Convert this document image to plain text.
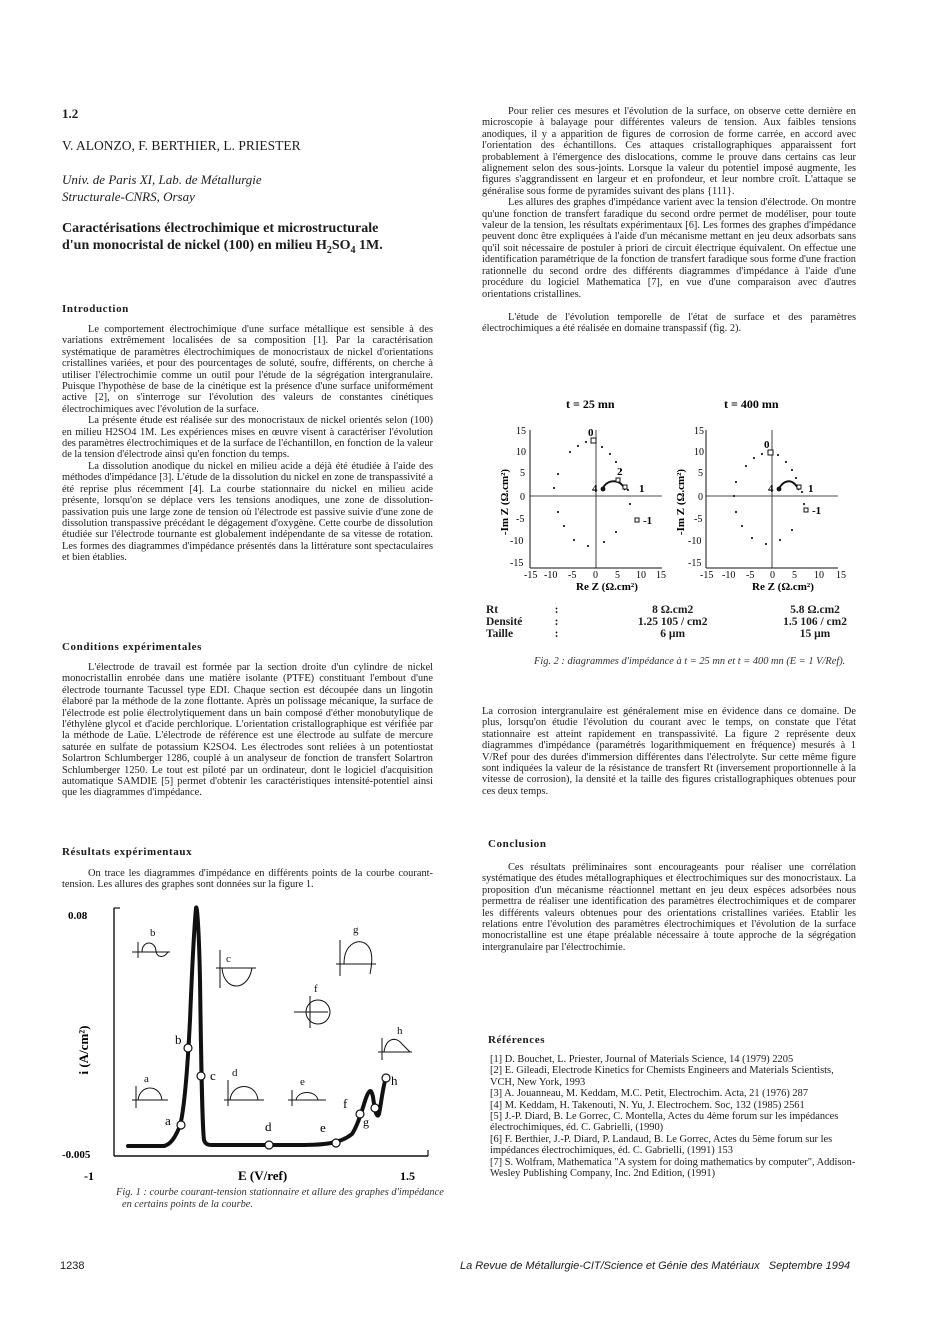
1.2
V. ALONZO, F. BERTHIER, L. PRIESTER
Univ. de Paris XI, Lab. de Métallurgie
Structurale-CNRS, Orsay
Caractérisations électrochimique et microstructurale
d'un monocristal de nickel (100) en milieu $H_2SO_4$ 1M.
Introduction

Le comportement électrochimique d'une surface métallique est sensible à des variations extrêmement localisées de sa composition [1]. Par la caractérisation systématique de paramètres électrochimiques de monocristaux de nickel d'orientations cristallines variées, et pour des pourcentages de soluté, soufre, différents, on cherche à utiliser l'électrochimie comme un outil pour l'étude de la ségrégation intergranulaire. Puisque l'hypothèse de base de la cinétique est la présence d'une surface uniformément active [2], on s'interroge sur l'évolution des valeurs de constantes cinétiques électrochimiques avec l'évolution de la surface.

La présente étude est réalisée sur des monocristaux de nickel orientés selon (100) en milieu H2SO4 1M. Les expériences mises en œuvre visent à caractériser l'évolution des paramètres électrochimiques et de la surface de l'échantillon, en fonction de la valeur de la tension d'électrode ainsi qu'en fonction du temps.

La dissolution anodique du nickel en milieu acide a déjà été étudiée à l'aide des méthodes d'impédance [3]. L'étude de la dissolution du nickel en zone de transpassivité a été reprise plus récemment [4]. La courbe stationnaire du nickel en milieu acide présente, lorsqu'on se déplace vers les tensions anodiques, une zone de dissolution-passivation puis une large zone de tension où l'électrode est passive suivie d'une zone de dissolution transpassive précédant le dégagement d'oxygène. Cette courbe de dissolution étudiée sur l'électrode tournante est globalement indépendante de sa vitesse de rotation. Les formes des diagrammes d'impédance présentés dans la littérature sont spectaculaires et bien établies.

Conditions expérimentales

L'électrode de travail est formée par la section droite d'un cylindre de nickel monocristallin enrobée dans une matière isolante (PTFE) constituant l'embout d'une électrode tournante Tacussel type EDI. Chaque section est découpée dans un lingotin élaboré par la méthode de la zone flottante. Après un polissage mécanique, la surface de l'électrode est polie électrolytiquement dans un bain composé d'éther monobutylique de l'éthylène glycol et d'acide perchlorique. L'orientation cristallographique est vérifiée par la méthode de Laüe. L'électrode de référence est une électrode au sulfate de mercure saturée en sulfate de potassium K2SO4. Les électrodes sont reliées à un potentiostat Solartron Schlumberger 1286, couplé à un analyseur de fonction de transfert Solartron Schlumberger 1250. Le tout est piloté par un ordinateur, dont le logiciel d'acquisition automatique SAMDIE [5] permet d'obtenir les caractéristiques intensité-potentiel ainsi que les diagrammes d'impédance.

Résultats expérimentaux

On trace les diagrammes d'impédance en différents points de la courbe courant-tension. Les allures des graphes sont données sur la figure 1.

0.08
-0.005
-1	1.5
E (V/ref)
i (A/cm²)
a
b
c
d	e
f
g
h
b
c
g
f
h
a	d
e
Fig. 1 : courbe courant-tension stationnaire et allure des graphes d'impédance
en certains points de la courbe.

Pour relier ces mesures et l'évolution de la surface, on observe cette dernière en microscopie à balayage pour différentes valeurs de tension. Aux faibles tensions anodiques, il y a apparition de figures de corrosion de forme carrée, en accord avec l'orientation des échantillons. Ces attaques cristallographiques apparaissent fort probablement à l'émergence des dislocations, comme le prouve dans certains cas leur alignement selon des sous-joints. Lorsque la valeur du potentiel imposé augmente, les figures s'aggrandissent en largeur et en profondeur, et leur nombre croît. L'attaque se généralise sous forme de pyramides suivant des plans {111}.

Les allures des graphes d'impédance varient avec la tension d'électrode. On montre qu'une fonction de transfert faradique du second ordre permet de modéliser, pour toute valeur de la tension, les résultats expérimentaux [6]. Les formes des graphes d'impédance peuvent donc être expliquées à l'aide d'un mécanisme mettant en jeu deux adsorbats sans qu'il soit nécessaire de postuler à priori de circuit électrique équivalent. On effectue une identification paramétrique de la fonction de transfert faradique sous forme d'une fraction rationnelle du second ordre des différents diagrammes d'impédance à l'aide d'une procédure du logiciel Mathematica [7], en vue d'une comparaison avec d'autres orientations cristallines.

L'étude de l'évolution temporelle de l'état de surface et des paramètres électrochimiques a été réalisée en domaine transpassif (fig. 2).

t = 25 mn	t = 400 mn
15
10
5
0
-5
-10
-15
-15 -10 -5 0 5 10 15
Re Z (Ω.cm²)
-Im Z (Ω.cm²)
0
2
4	1
-1
15
10
5
0
-5
-10
-15
-15 -10 -5 0 5 10 15
Re Z (Ω.cm²)
-Im Z (Ω.cm²)
0
4	1
-1
Rt	:	8 Ω.cm2	5.8 Ω.cm2
Densité	:	1.25 105 / cm2	1.5 106 / cm2
Taille	:	6 μm	15 μm
Fig. 2 : diagrammes d'impédance à t = 25 mn et t = 400 mn (E = 1 V/Ref).

La corrosion intergranulaire est généralement mise en évidence dans ce domaine. De plus, lorsqu'on étudie l'évolution du courant avec le temps, on constate que l'état stationnaire est atteint rapidement en transpassivité. La figure 2 représente deux diagrammes d'impédance (paramétrés logarithmiquement en fréquence) mesurés à 1 V/Ref pour des durées d'immersion différentes dans l'électrolyte. Sur cette même figure sont indiquées la valeur de la résistance de transfert Rt (inversement proportionnelle à la vitesse de corrosion), la densité et la taille des figures cristallographiques obtenues pour ces deux temps.

Conclusion

Ces résultats préliminaires sont encourageants pour réaliser une corrélation systématique des études métallographiques et électrochimiques sur des monocristaux. La proposition d'un mécanisme réactionnel mettant en jeu deux espèces adsorbées nous permettra de réaliser une identification des paramètres électrochimiques et de comparer les différents valeurs obtenues pour des orientations cristallines variées. Etablir les relations entre l'évolution des paramètres électrochimiques et l'évolution de la surface monocristalline est une étape préalable nécessaire à toute approche de la ségrégation intergranulaire par l'électrochimie.

Références

[1] D. Bouchet, L. Priester, Journal of Materials Science, 14 (1979) 2205

[2] E. Gileadi, Electrode Kinetics for Chemists Engineers and Materials Scientists, VCH, New York, 1993

[3] A. Jouanneau, M. Keddam, M.C. Petit, Electrochim. Acta, 21 (1976) 287

[4] M. Keddam, H. Takenouti, N. Yu, J. Electrochem. Soc, 132 (1985) 2561

[5] J.-P. Diard, B. Le Gorrec, C. Montella, Actes du 4ème forum sur les impédances électrochimiques, éd. C. Gabrielli, (1990)

[6] F. Berthier, J.-P. Diard, P. Landaud, B. Le Gorrec, Actes du 5ème forum sur les impédances électrochimiques, éd. C. Gabrielli, (1991) 153

[7] S. Wolfram, Mathematica "A system for doing mathematics by computer", Addison-Wesley Publishing Company, Inc. 2nd Edition, (1991)

1238	La Revue de Métallurgie-CIT/Science et Génie des Matériaux   Septembre 1994
